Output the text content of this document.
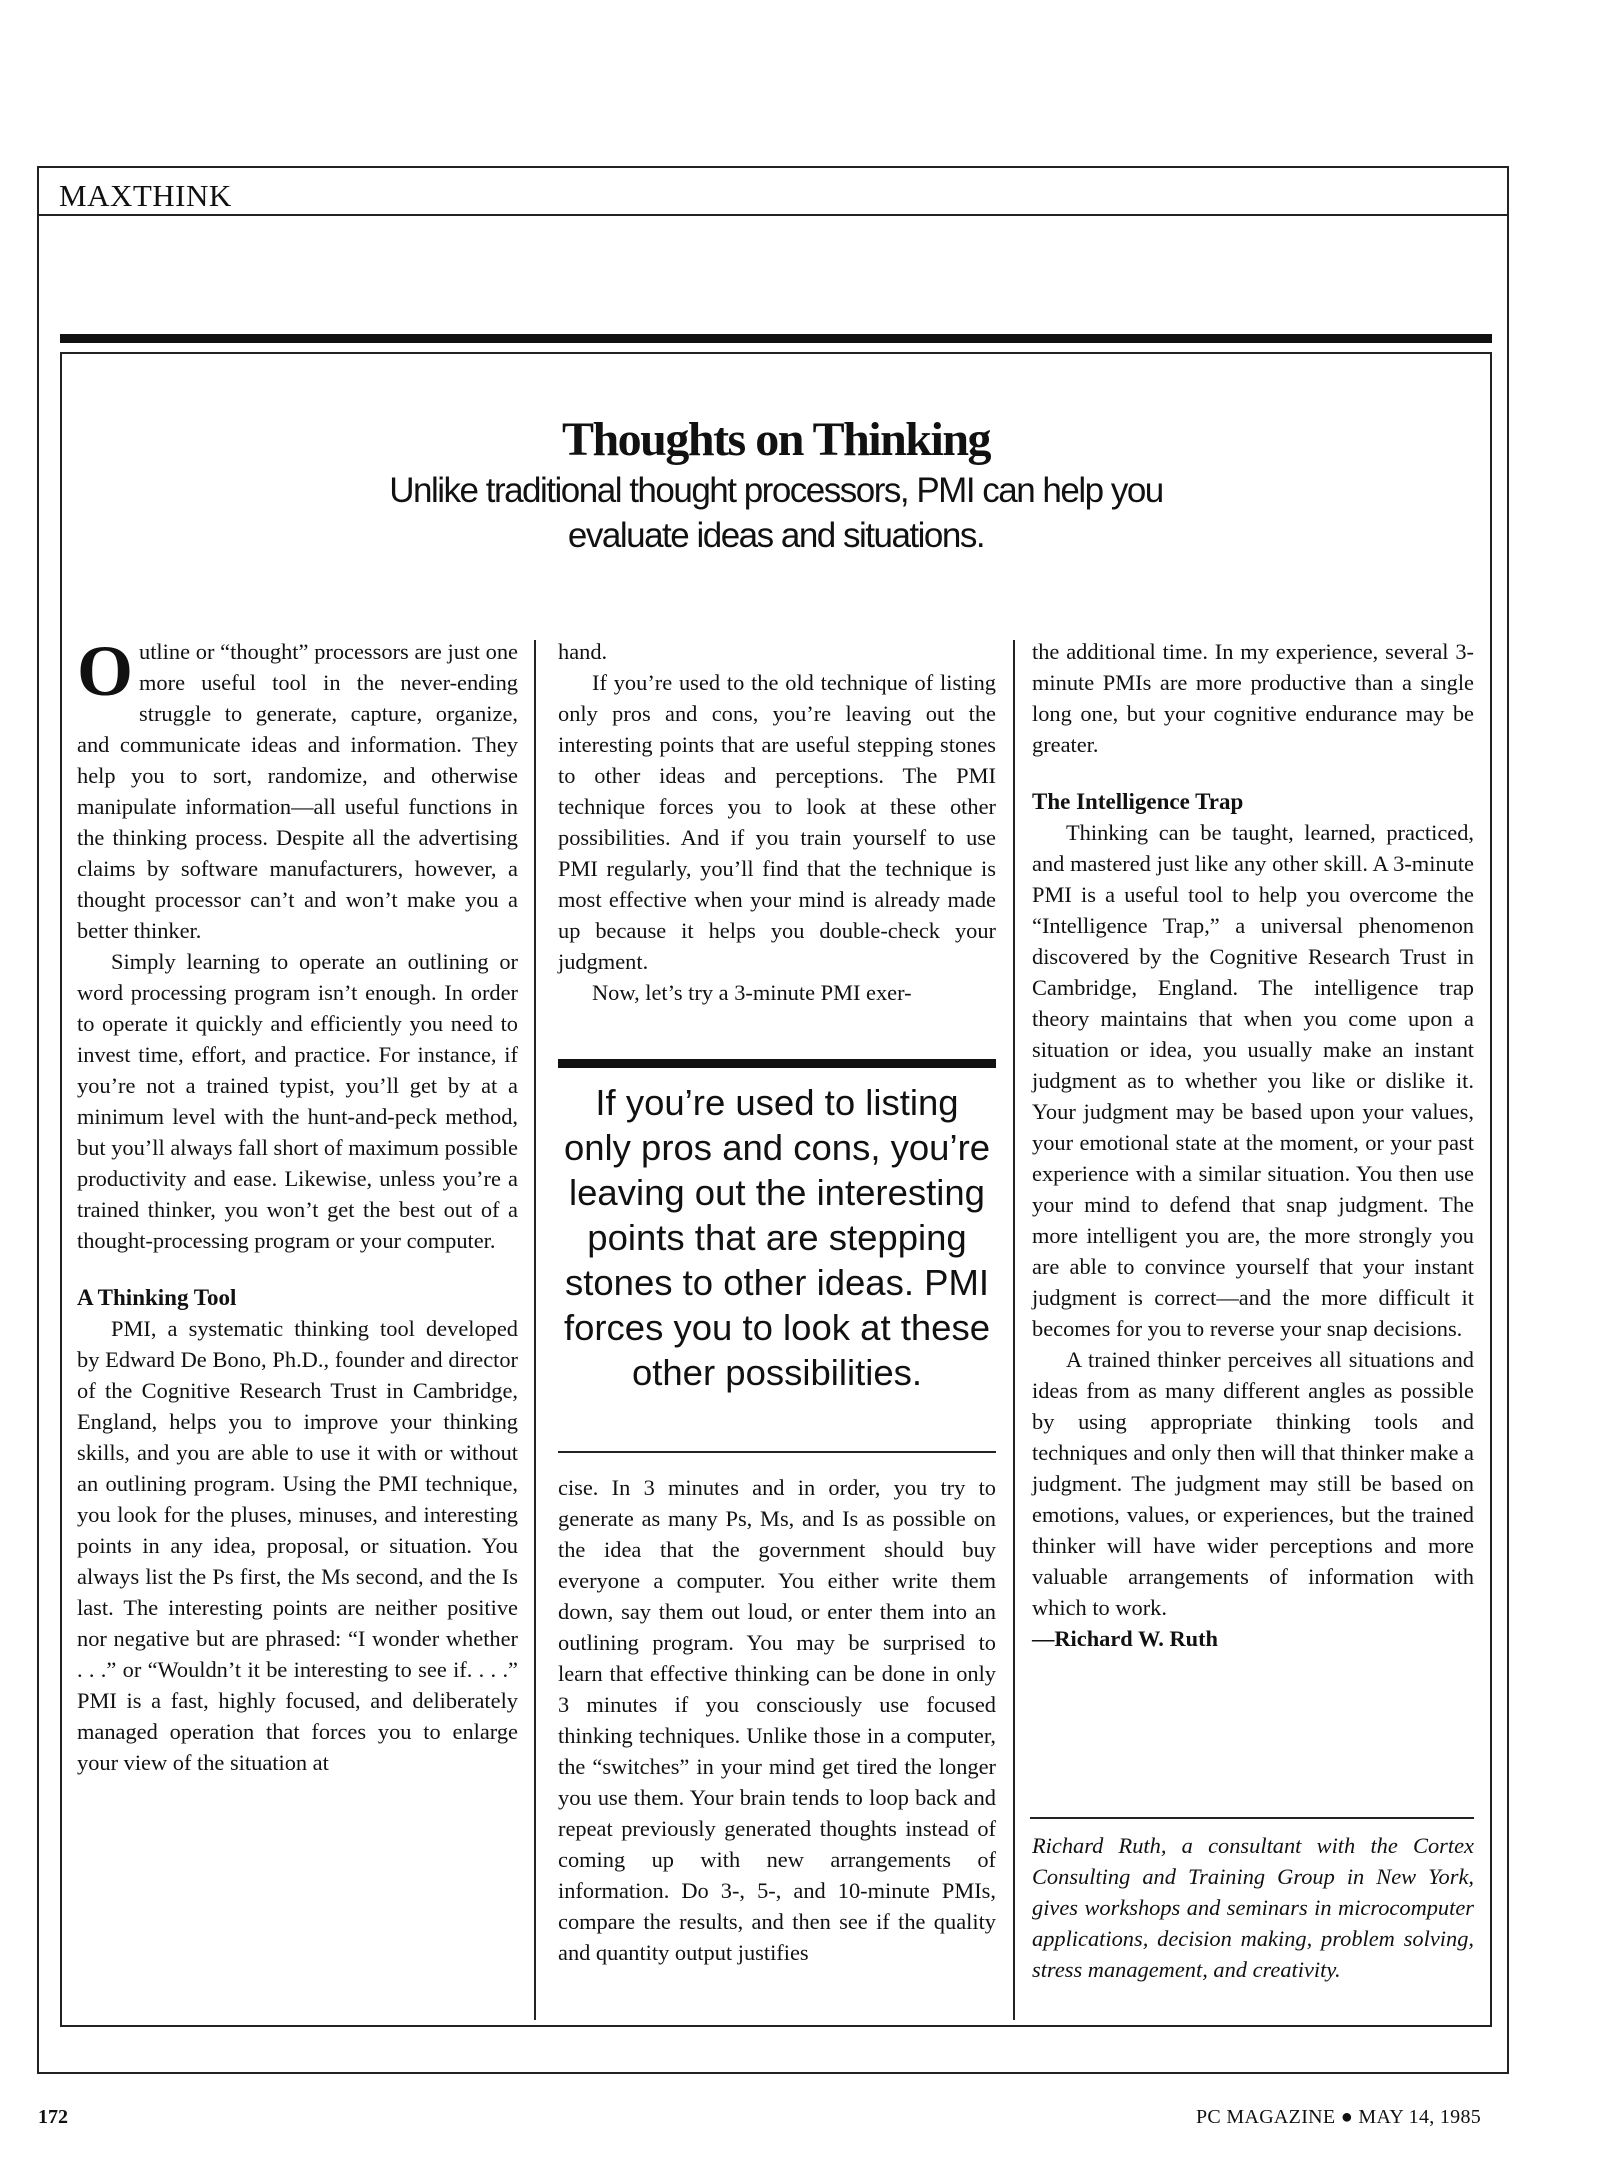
MAXTHINK
Thoughts on Thinking
Unlike traditional thought processors, PMI can help you evaluate ideas and situations.

Outline or “thought” processors are just one more useful tool in the never-ending struggle to generate, capture, organize, and communicate ideas and information. They help you to sort, randomize, and otherwise manipulate information—all useful functions in the thinking process. Despite all the advertising claims by software manufacturers, however, a thought processor can’t and won’t make you a better thinker.

Simply learning to operate an outlining or word processing program isn’t enough. In order to operate it quickly and efficiently you need to invest time, effort, and practice. For instance, if you’re not a trained typist, you’ll get by at a minimum level with the hunt-and-peck method, but you’ll always fall short of maximum possible productivity and ease. Likewise, unless you’re a trained thinker, you won’t get the best out of a thought-processing program or your computer.

A Thinking Tool

PMI, a systematic thinking tool developed by Edward De Bono, Ph.D., founder and director of the Cognitive Research Trust in Cambridge, England, helps you to improve your thinking skills, and you are able to use it with or without an outlining program. Using the PMI technique, you look for the pluses, minuses, and interesting points in any idea, proposal, or situation. You always list the Ps first, the Ms second, and the Is last. The interesting points are neither positive nor negative but are phrased: “I wonder whether . . .” or “Wouldn’t it be interesting to see if. . . .” PMI is a fast, highly focused, and deliberately managed operation that forces you to enlarge your view of the situation at

hand.

If you’re used to the old technique of listing only pros and cons, you’re leaving out the interesting points that are useful stepping stones to other ideas and perceptions. The PMI technique forces you to look at these other possibilities. And if you train yourself to use PMI regularly, you’ll find that the technique is most effective when your mind is already made up because it helps you double-check your judgment.

Now, let’s try a 3-minute PMI exer-

If you’re used to listing only pros and cons, you’re leaving out the interesting points that are stepping stones to other ideas. PMI forces you to look at these other possibilities.

cise. In 3 minutes and in order, you try to generate as many Ps, Ms, and Is as possible on the idea that the government should buy everyone a computer. You either write them down, say them out loud, or enter them into an outlining program. You may be surprised to learn that effective thinking can be done in only 3 minutes if you consciously use focused thinking techniques. Unlike those in a computer, the “switches” in your mind get tired the longer you use them. Your brain tends to loop back and repeat previously generated thoughts instead of coming up with new arrangements of information. Do 3-, 5-, and 10-minute PMIs, compare the results, and then see if the quality and quantity output justifies

the additional time. In my experience, several 3-minute PMIs are more productive than a single long one, but your cognitive endurance may be greater.

The Intelligence Trap

Thinking can be taught, learned, practiced, and mastered just like any other skill. A 3-minute PMI is a useful tool to help you overcome the “Intelligence Trap,” a universal phenomenon discovered by the Cognitive Research Trust in Cambridge, England. The intelligence trap theory maintains that when you come upon a situation or idea, you usually make an instant judgment as to whether you like or dislike it. Your judgment may be based upon your values, your emotional state at the moment, or your past experience with a similar situation. You then use your mind to defend that snap judgment. The more intelligent you are, the more strongly you are able to convince yourself that your instant judgment is correct—and the more difficult it becomes for you to reverse your snap decisions.

A trained thinker perceives all situations and ideas from as many different angles as possible by using appropriate thinking tools and techniques and only then will that thinker make a judgment. The judgment may still be based on emotions, values, or experiences, but the trained thinker will have wider perceptions and more valuable arrangements of information with which to work.

—Richard W. Ruth

Richard Ruth, a consultant with the Cortex Consulting and Training Group in New York, gives workshops and seminars in microcomputer applications, decision making, problem solving, stress management, and creativity.
172	PC MAGAZINE ● MAY 14, 1985
